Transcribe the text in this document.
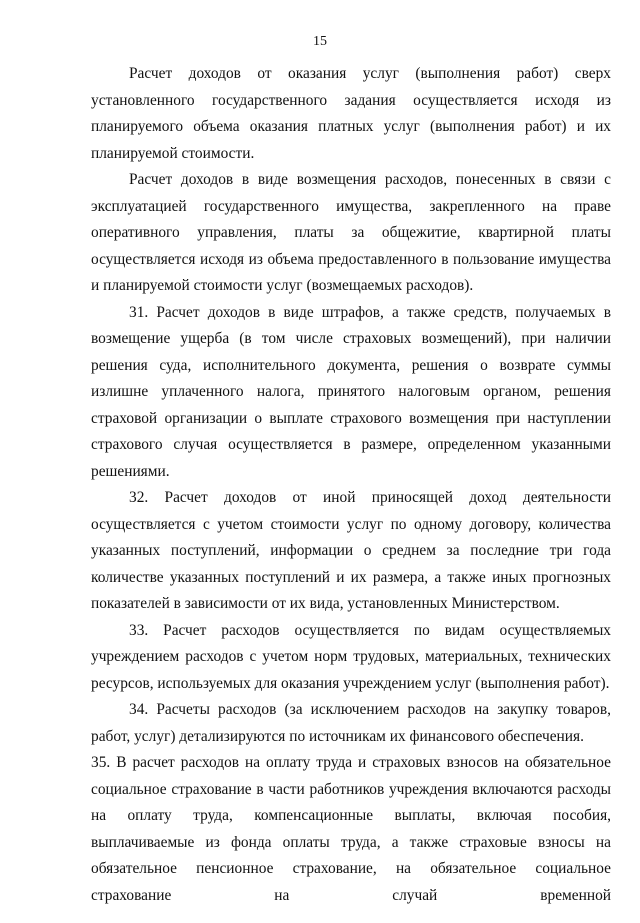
15

Расчет доходов от оказания услуг (выполнения работ) сверх установленного государственного задания осуществляется исходя из планируемого объема оказания платных услуг (выполнения работ) и их планируемой стоимости.

Расчет доходов в виде возмещения расходов, понесенных в связи с эксплуатацией государственного имущества, закрепленного на праве оперативного управления, платы за общежитие, квартирной платы осуществляется исходя из объема предоставленного в пользование имущества и планируемой стоимости услуг (возмещаемых расходов).

31. Расчет доходов в виде штрафов, а также средств, получаемых в возмещение ущерба (в том числе страховых возмещений), при наличии решения суда, исполнительного документа, решения о возврате суммы излишне уплаченного налога, принятого налоговым органом, решения страховой организации о выплате страхового возмещения при наступлении страхового случая осуществляется в размере, определенном указанными решениями.

32. Расчет доходов от иной приносящей доход деятельности осуществляется с учетом стоимости услуг по одному договору, количества указанных поступлений, информации о среднем за последние три года количестве указанных поступлений и их размера, а также иных прогнозных показателей в зависимости от их вида, установленных Министерством.

33. Расчет расходов осуществляется по видам осуществляемых учреждением расходов с учетом норм трудовых, материальных, технических ресурсов, используемых для оказания учреждением услуг (выполнения работ).

34. Расчеты расходов (за исключением расходов на закупку товаров, работ, услуг) детализируются по источникам их финансового обеспечения.

35. В расчет расходов на оплату труда и страховых взносов на обязательное социальное страхование в части работников учреждения включаются расходы на оплату труда, компенсационные выплаты, включая пособия, выплачиваемые из фонда оплаты труда, а также страховые взносы на обязательное пенсионное страхование, на обязательное социальное страхование на случай временной
